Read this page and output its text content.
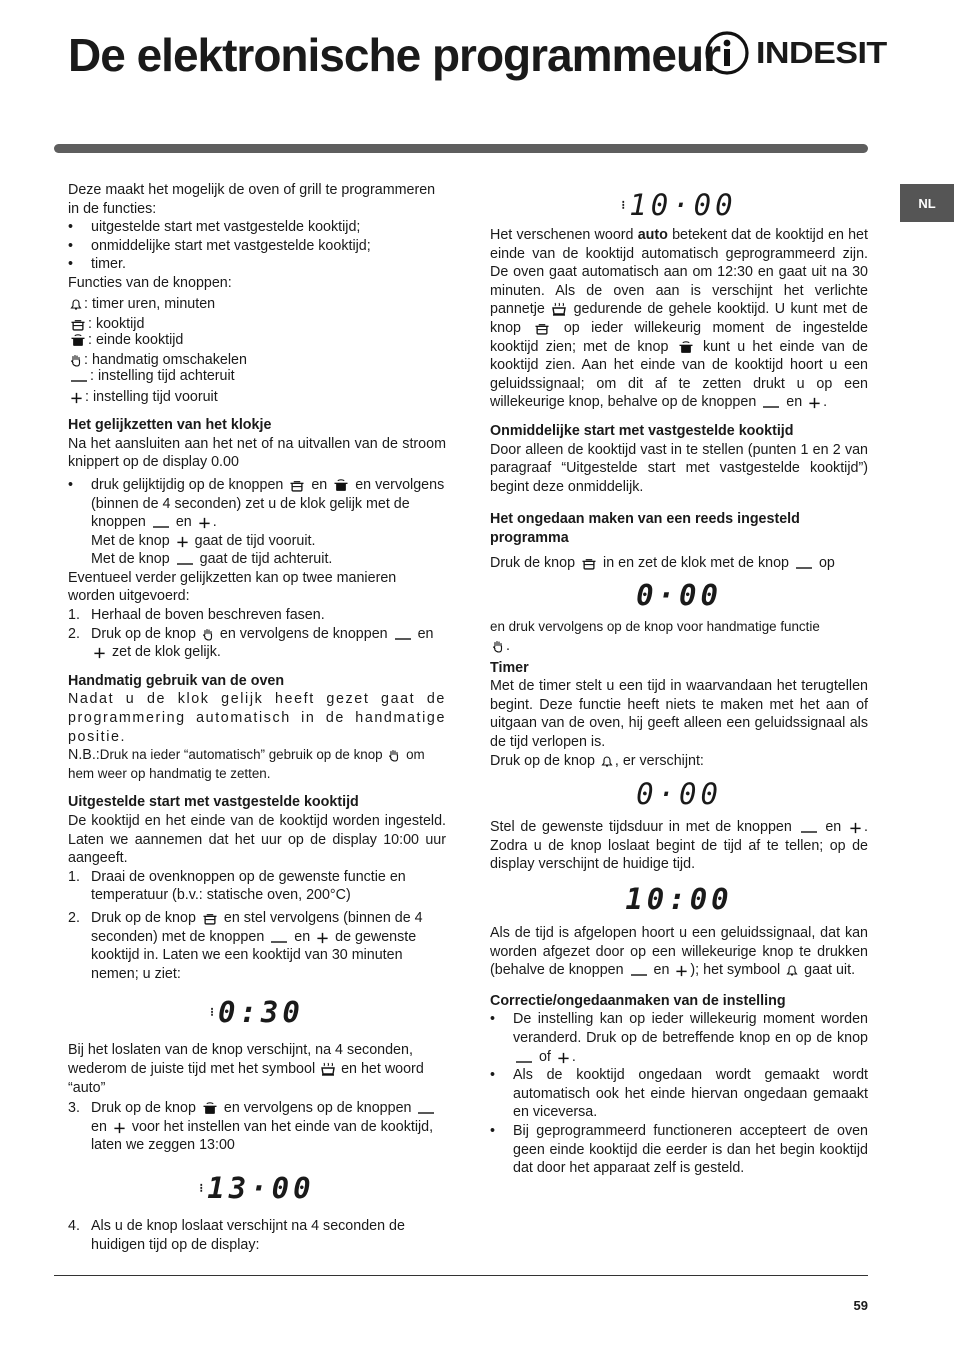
De elektronische programmeur INDESIT
NL

Deze maakt het mogelijk de oven of grill te programmeren in de functies:

• uitgestelde start met vastgestelde kooktijd;

• onmiddelijke start met vastgestelde kooktijd;

• timer.

Functies van de knoppen:

: timer uren, minuten

: kooktijd

: einde kooktijd

: handmatig omschakelen

: instelling tijd achteruit

: instelling tijd vooruit

Het gelijkzetten van het klokje

Na het aansluiten aan het net of na uitvallen van de stroom knippert op de display 0.00

• druk gelijktijdig op de knoppen en en vervolgens (binnen de 4 seconden) zet u de klok gelijk met de knoppen en .

Met de knop gaat de tijd vooruit.

Met de knop gaat de tijd achteruit.

Eventueel verder gelijkzetten kan op twee manieren worden uitgevoerd:

1. Herhaal de boven beschreven fasen.

2. Druk op de knop en vervolgens de knoppen en  zet de klok gelijk.

Handmatig gebruik van de oven

Nadat u de klok gelijk heeft gezet gaat de programmering automatisch in de handmatige positie.

N.B.:Druk na ieder “automatisch” gebruik op de knop om hem weer op handmatig te zetten.

Uitgestelde start met vastgestelde kooktijd

De kooktijd en het einde van de kooktijd worden ingesteld. Laten we aannemen dat het uur op de display 10:00 uur aangeeft.

1. Draai de ovenknoppen op de gewenste functie en temperatuur (b.v.: statische oven, 200°C)

2. Druk op de knop en stel vervolgens (binnen de 4 seconden) met de knoppen en de gewenste kooktijd in. Laten we een kooktijd van 30 minuten nemen; u ziet:

⁝ 0:30

Bij het loslaten van de knop verschijnt, na 4 seconden, wederom de juiste tijd met het symbool en het woord “auto”

3. Druk op de knop en vervolgens op de knoppen  en voor het instellen van het einde van de kooktijd, laten we zeggen 13:00

⁝ 13·00

4. Als u de knop loslaat verschijnt na 4 seconden de huidigen tijd op de display:

⁝ 10·00

Het verschenen woord auto betekent dat de kooktijd en het einde van de kooktijd automatisch geprogrammeerd zijn. De oven gaat automatisch aan om 12:30 en gaat uit na 30 minuten. Als de oven aan is verschijnt het verlichte pannetje gedurende de gehele kooktijd. U kunt met de knop	op ieder willekeurig moment de ingestelde kooktijd zien; met de knop kunt u het einde van de kooktijd zien. Aan het einde van de kooktijd hoort u een geluidssignaal; om dit af te zetten drukt u op een willekeurige knop, behalve op de knoppen en .

Onmiddelijke start met vastgestelde kooktijd

Door alleen de kooktijd vast in te stellen (punten 1 en 2 van paragraaf “Uitgestelde start met vastgestelde kooktijd”) begint deze onmiddelijk.

Het ongedaan maken van een reeds ingesteld programma

Druk de knop in en zet de klok met de knop op

0·00

en druk vervolgens op de knop voor handmatige functie

.

Timer

Met de timer stelt u een tijd in waarvandaan het terugtellen begint. Deze functie heeft niets te maken met het aan of uitgaan van de oven, hij geeft alleen een geluidssignaal als de tijd verlopen is.

Druk op de knop , er verschijnt:

0·00

Stel de gewenste tijdsduur in met de knoppen en . Zodra u de knop loslaat begint de tijd af te tellen; op de display verschijnt de huidige tijd.

10:00

Als de tijd is afgelopen hoort u een geluidssignaal, dat kan worden afgezet door op een willekeurige knop te drukken (behalve de knoppen en ); het symbool gaat uit.

Correctie/ongedaanmaken van de instelling

• De instelling kan op ieder willekeurig moment worden veranderd. Druk op de betreffende knop en op de knop  of .

• Als de kooktijd ongedaan wordt gemaakt wordt automatisch ook het einde hiervan ongedaan gemaakt en viceversa.

• Bij geprogrammeerd functioneren accepteert de oven geen einde kooktijd die eerder is dan het begin kooktijd dat door het apparaat zelf is gesteld.

59
